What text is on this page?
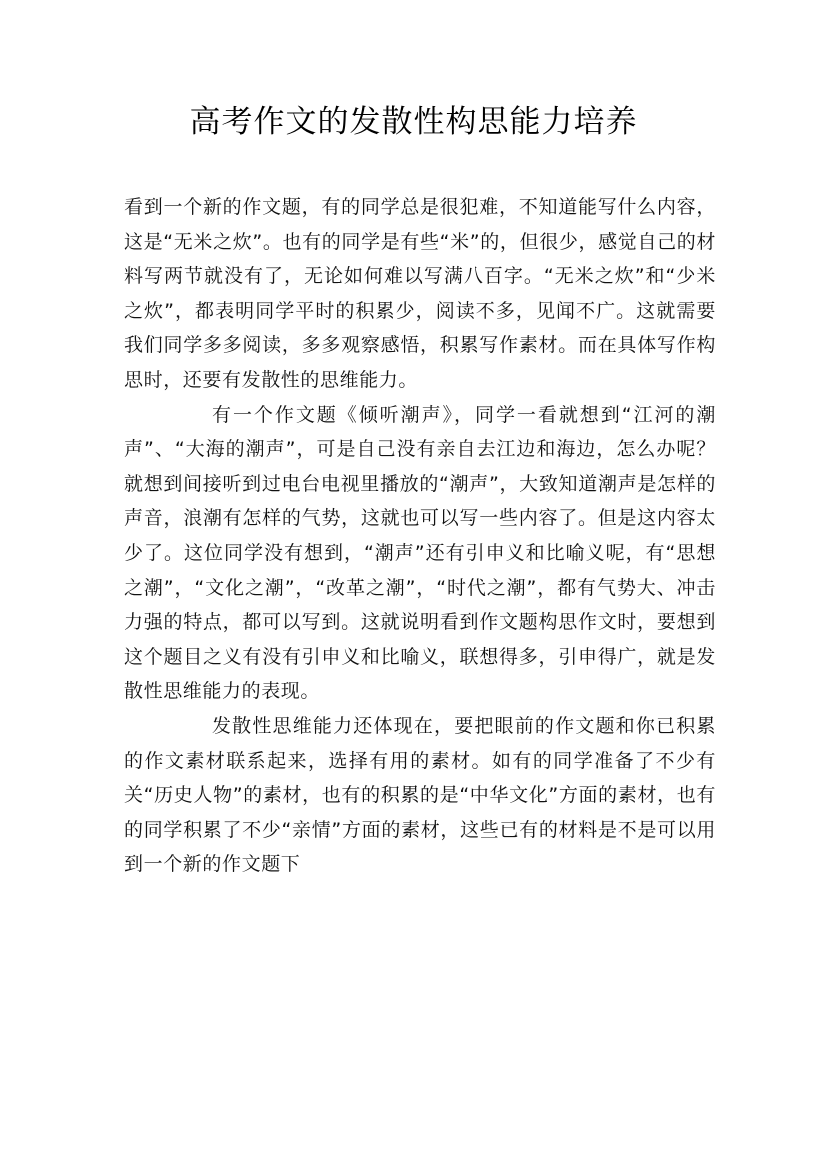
高考作文的发散性构思能力培养

看到一个新的作文题，有的同学总是很犯难，不知道能写什么内容，这是“无米之炊”。也有的同学是有些“米”的，但很少，感觉自己的材料写两节就没有了，无论如何难以写满八百字。“无米之炊”和“少米之炊”，都表明同学平时的积累少，阅读不多，见闻不广。这就需要我们同学多多阅读，多多观察感悟，积累写作素材。而在具体写作构思时，还要有发散性的思维能力。

有一个作文题《倾听潮声》，同学一看就想到“江河的潮声”、“大海的潮声”，可是自己没有亲自去江边和海边，怎么办呢？就想到间接听到过电台电视里播放的“潮声”，大致知道潮声是怎样的声音，浪潮有怎样的气势，这就也可以写一些内容了。但是这内容太少了。这位同学没有想到，“潮声”还有引申义和比喻义呢，有“思想之潮”，“文化之潮”，“改革之潮”，“时代之潮”，都有气势大、冲击力强的特点，都可以写到。这就说明看到作文题构思作文时，要想到这个题目之义有没有引申义和比喻义，联想得多，引申得广，就是发散性思维能力的表现。

发散性思维能力还体现在，要把眼前的作文题和你已积累的作文素材联系起来，选择有用的素材。如有的同学准备了不少有关“历史人物”的素材，也有的积累的是“中华文化”方面的素材，也有的同学积累了不少“亲情”方面的素材，这些已有的材料是不是可以用到一个新的作文题下
